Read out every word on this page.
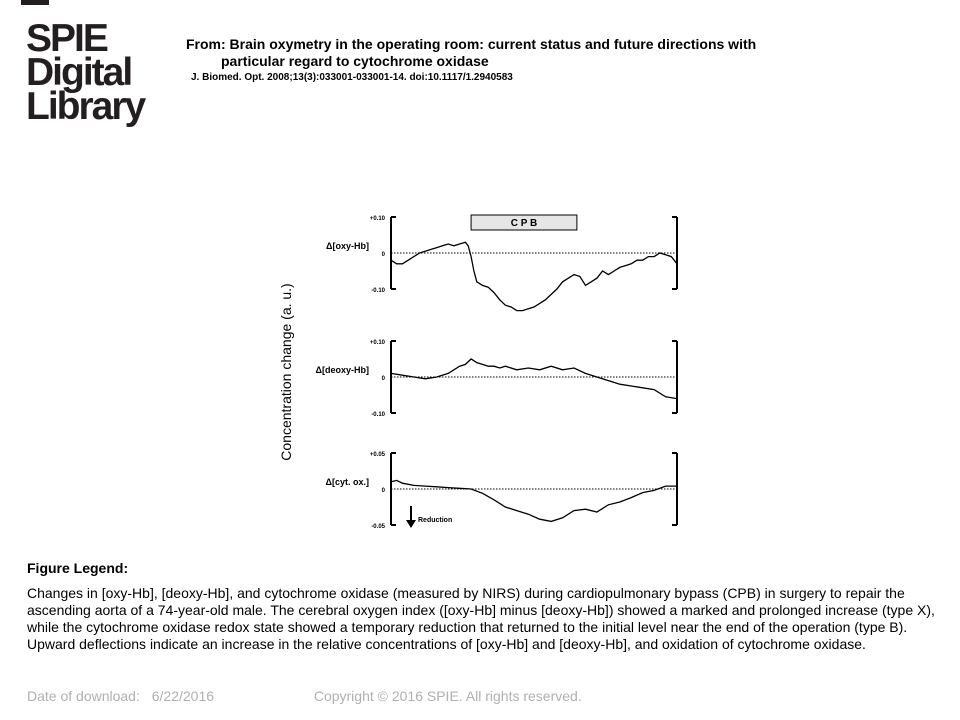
SPIE
Digital
Library
From: Brain oxymetry in the operating room: current status and future directions with
particular regard to cytochrome oxidase
J. Biomed. Opt. 2008;13(3):033001-033001-14. doi:10.1117/1.2940583
Concentration change (a. u.)
C P B
+0.10
0
-0.10
Δ[oxy-Hb]
+0.10
0
-0.10
Δ[deoxy-Hb]
+0.05
0
-0.05
Δ[cyt. ox.]
Reduction
Figure Legend:
Changes in [oxy-Hb], [deoxy-Hb], and cytochrome oxidase (measured by NIRS) during cardiopulmonary bypass (CPB) in surgery to repair the ascending aorta of a 74-year-old male. The cerebral oxygen index ([oxy-Hb] minus [deoxy-Hb]) showed a marked and prolonged increase (type X), while the cytochrome oxidase redox state showed a temporary reduction that returned to the initial level near the end of the operation (type B). Upward deflections indicate an increase in the relative concentrations of [oxy-Hb] and [deoxy-Hb], and oxidation of cytochrome oxidase.
Date of download: 6/22/2016	Copyright © 2016 SPIE. All rights reserved.
